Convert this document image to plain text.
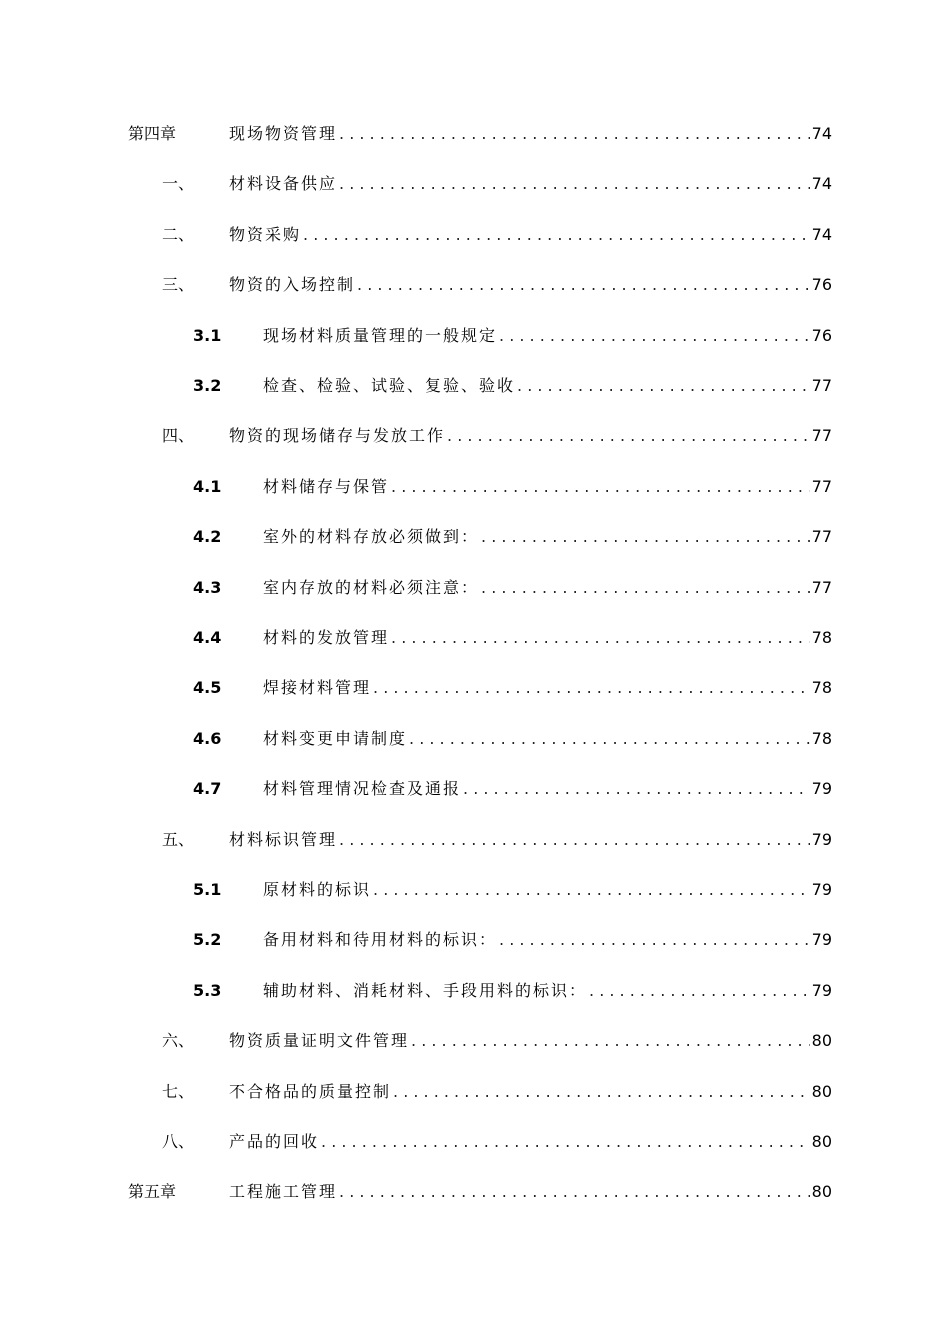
第四章	现场物资管理 . . .	74
一、 材料设备供应 . . .	74
二、 物资采购 . . .	74
三、 物资的入场控制 . . .	76
3.1	现场材料质量管理的一般规定 . . .	76
3.2	检查、检验、试验、复验、验收 . . .	77
四、 物资的现场储存与发放工作 . . .	77
4.1	材料储存与保管 . . .	77
4.2	室外的材料存放必须做到： . . .	77
4.3	室内存放的材料必须注意： . . .	77
4.4	材料的发放管理 . . .	78
4.5	焊接材料管理 . . .	78
4.6	材料变更申请制度 . . .	78
4.7	材料管理情况检查及通报 . . .	79
五、 材料标识管理 . . .	79
5.1	原材料的标识 . . .	79
5.2	备用材料和待用材料的标识： . . .	79
5.3	辅助材料、消耗材料、手段用料的标识： . . .	79
六、 物资质量证明文件管理 . . .	80
七、 不合格品的质量控制 . . .	80
八、 产品的回收 . . .	80
第五章	工程施工管理 . . .	80
